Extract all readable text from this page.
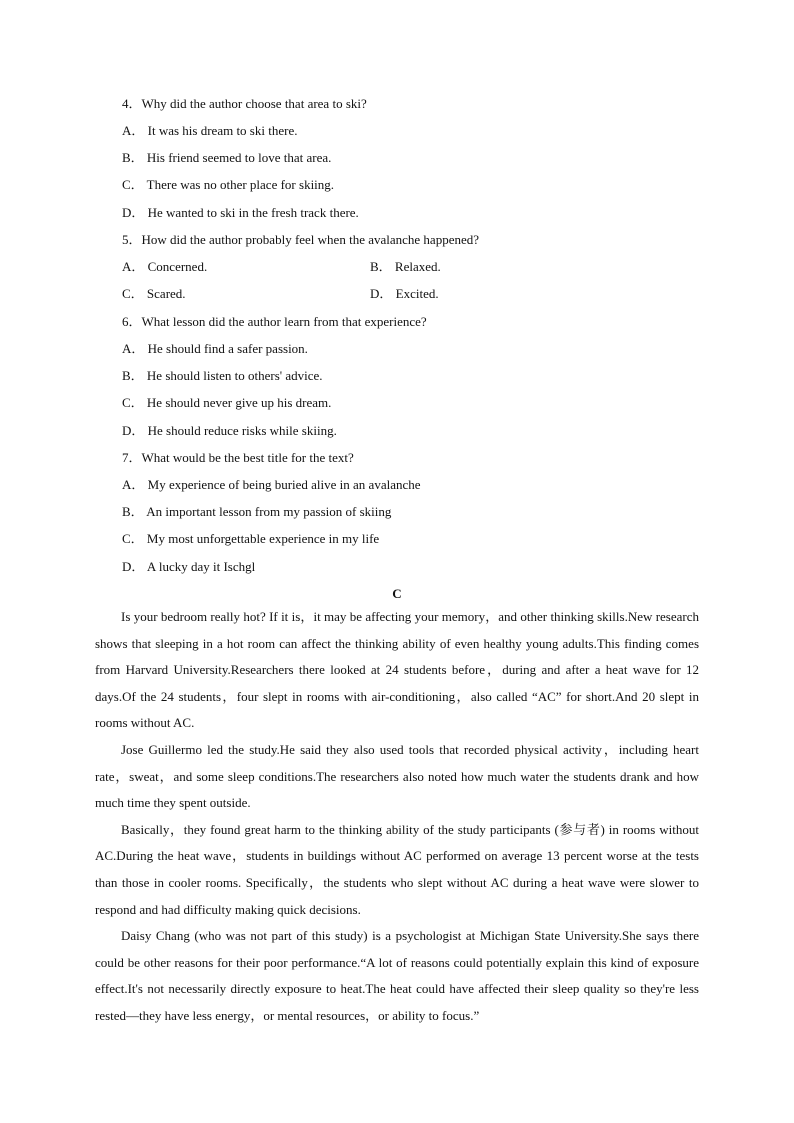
4．Why did the author choose that area to ski?
A． It was his dream to ski there.
B． His friend seemed to love that area.
C． There was no other place for skiing.
D． He wanted to ski in the fresh track there.
5．How did the author probably feel when the avalanche happened?
A． Concerned.	B． Relaxed.
C． Scared.	D． Excited.
6．What lesson did the author learn from that experience?
A． He should find a safer passion.
B． He should listen to others' advice.
C． He should never give up his dream.
D． He should reduce risks while skiing.
7．What would be the best title for the text?
A． My experience of being buried alive in an avalanche
B． An important lesson from my passion of skiing
C． My most unforgettable experience in my life
D． A lucky day it Ischgl
C

Is your bedroom really hot? If it is，it may be affecting your memory，and other thinking skills.New research shows that sleeping in a hot room can affect the thinking ability of even healthy young adults.This finding comes from Harvard University.Researchers there looked at 24 students before，during and after a heat wave for 12 days.Of the 24 students，four slept in rooms with air-conditioning，also called “AC” for short.And 20 slept in rooms without AC.

Jose Guillermo led the study.He said they also used tools that recorded physical activity，including heart rate，sweat，and some sleep conditions.The researchers also noted how much water the students drank and how much time they spent outside.

Basically，they found great harm to the thinking ability of the study participants (参与者) in rooms without AC.During the heat wave，students in buildings without AC performed on average 13 percent worse at the tests than those in cooler rooms. Specifically，the students who slept without AC during a heat wave were slower to respond and had difficulty making quick decisions.

Daisy Chang (who was not part of this study) is a psychologist at Michigan State University.She says there could be other reasons for their poor performance.“A lot of reasons could potentially explain this kind of exposure effect.It's not necessarily directly exposure to heat.The heat could have affected their sleep quality so they're less rested—they have less energy，or mental resources，or ability to focus.”
